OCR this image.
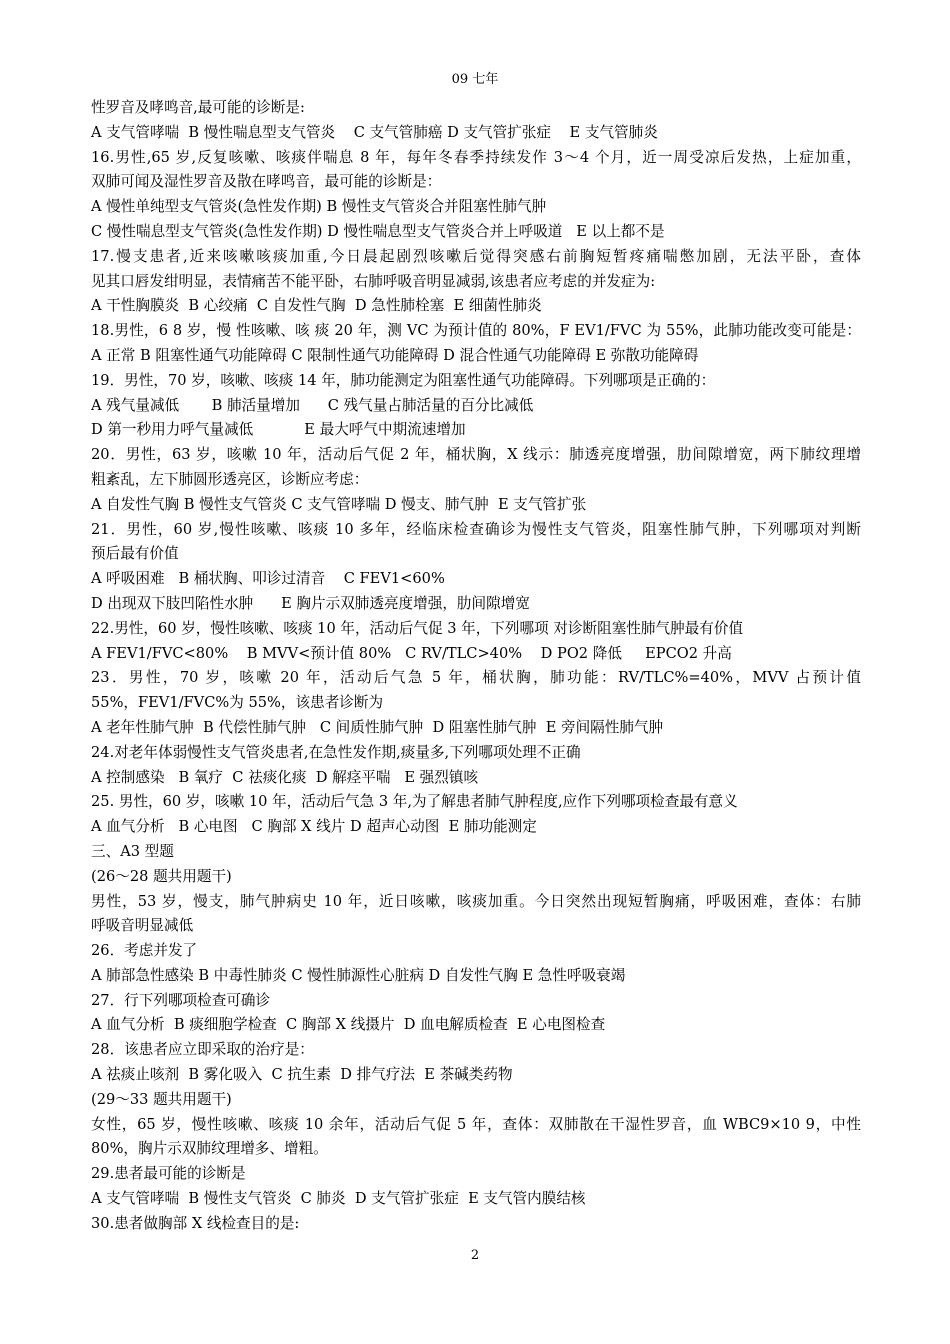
09 七年

性罗音及哮鸣音,最可能的诊断是:

A 支气管哮喘  B 慢性喘息型支气管炎    C 支气管肺癌 D 支气管扩张症    E 支气管肺炎

16.男性,65 岁,反复咳嗽、咳痰伴喘息 8 年，每年冬春季持续发作 3～4 个月，近一周受凉后发热，上症加重，

双肺可闻及湿性罗音及散在哮鸣音，最可能的诊断是：

A 慢性单纯型支气管炎(急性发作期) B 慢性支气管炎合并阻塞性肺气肿

C 慢性喘息型支气管炎(急性发作期) D 慢性喘息型支气管炎合并上呼吸道   E 以上都不是

17.慢支患者,近来咳嗽咳痰加重,今日晨起剧烈咳嗽后觉得突感右前胸短暂疼痛喘憋加剧，无法平卧，查体

见其口唇发绀明显，表情痛苦不能平卧，右肺呼吸音明显减弱,该患者应考虑的并发症为:

A 干性胸膜炎  B 心绞痛  C 自发性气胸  D 急性肺栓塞  E 细菌性肺炎

18.男性，6 8 岁，慢 性咳嗽、咳 痰 20 年，测 VC 为预计值的 80%，F EV1/FVC 为 55%，此肺功能改变可能是：

A 正常 B 阻塞性通气功能障碍 C 限制性通气功能障碍 D 混合性通气功能障碍 E 弥散功能障碍

19．男性，70 岁，咳嗽、咳痰 14 年，肺功能测定为阻塞性通气功能障碍。下列哪项是正确的：

A 残气量减低       B 肺活量增加      C 残气量占肺活量的百分比减低

D 第一秒用力呼气量减低           E 最大呼气中期流速增加

20．男性，63 岁，咳嗽 10 年，活动后气促 2 年，桶状胸，X 线示：肺透亮度增强，肋间隙增宽，两下肺纹理增

粗紊乱，左下肺圆形透亮区，诊断应考虑：

A 自发性气胸 B 慢性支气管炎 C 支气管哮喘 D 慢支、肺气肿  E 支气管扩张

21．男性，60 岁,慢性咳嗽、咳痰 10 多年，经临床检查确诊为慢性支气管炎，阻塞性肺气肿，下列哪项对判断

预后最有价值

A 呼吸困难   B 桶状胸、叩诊过清音    C FEV1<60%

D 出现双下肢凹陷性水肿      E 胸片示双肺透亮度增强，肋间隙增宽

22.男性，60 岁，慢性咳嗽、咳痰 10 年，活动后气促 3 年，下列哪项 对诊断阻塞性肺气肿最有价值

A FEV1/FVC<80%    B MVV<预计值 80%   C RV/TLC>40%    D PO2 降低     EPCO2 升高

23．男性，70 岁，咳嗽 20 年，活动后气急 5 年，桶状胸，肺功能：RV/TLC%=40%，MVV 占预计值

55%，FEV1/FVC%为 55%，该患者诊断为

A 老年性肺气肿  B 代偿性肺气肿   C 间质性肺气肿  D 阻塞性肺气肿  E 旁间隔性肺气肿

24.对老年体弱慢性支气管炎患者,在急性发作期,痰量多,下列哪项处理不正确

A 控制感染   B 氧疗  C 祛痰化痰  D 解痉平喘   E 强烈镇咳

25. 男性，60 岁，咳嗽 10 年，活动后气急 3 年,为了解患者肺气肿程度,应作下列哪项检查最有意义

A 血气分析   B 心电图   C 胸部 X 线片 D 超声心动图  E 肺功能测定

三、A3 型题

(26～28 题共用题干)

男性，53 岁，慢支，肺气肿病史 10 年，近日咳嗽，咳痰加重。今日突然出现短暂胸痛，呼吸困难，查体：右肺

呼吸音明显减低

26．考虑并发了

A 肺部急性感染 B 中毒性肺炎 C 慢性肺源性心脏病 D 自发性气胸 E 急性呼吸衰竭

27．行下列哪项检查可确诊

A 血气分析  B 痰细胞学检查  C 胸部 X 线摄片  D 血电解质检查  E 心电图检查

28．该患者应立即采取的治疗是：

A 祛痰止咳剂  B 雾化吸入  C 抗生素  D 排气疗法  E 茶碱类药物

(29～33 题共用题干)

女性，65 岁，慢性咳嗽、咳痰 10 余年，活动后气促 5 年，查体：双肺散在干湿性罗音，血 WBC9×10 9，中性

80%，胸片示双肺纹理增多、增粗。

29.患者最可能的诊断是

A 支气管哮喘  B 慢性支气管炎  C 肺炎  D 支气管扩张症  E 支气管内膜结核

30.患者做胸部 X 线检查目的是:

2
